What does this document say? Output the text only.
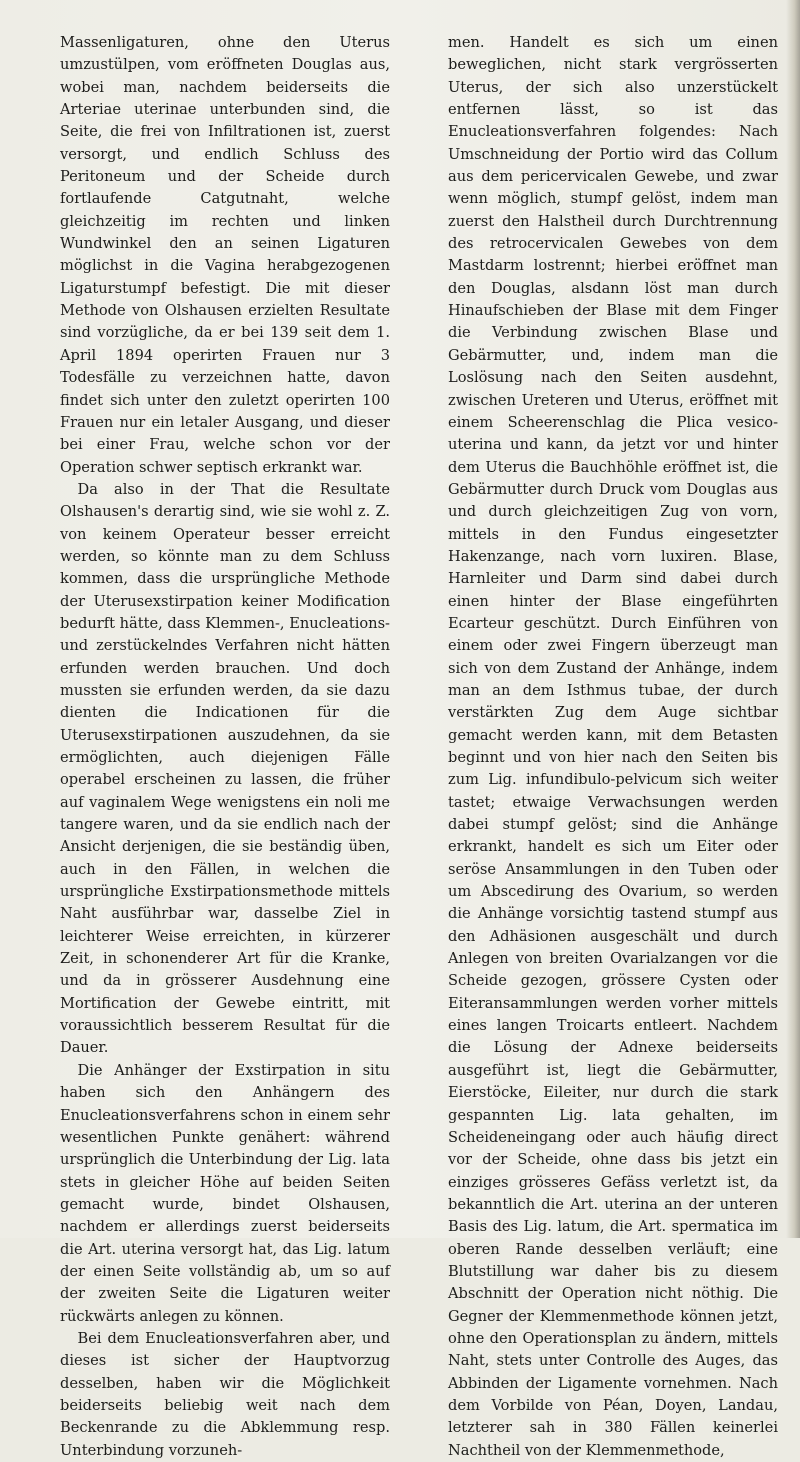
Massenligaturen, ohne den Uterus umzustülpen, vom eröffneten Douglas aus, wobei man, nachdem beiderseits die Arteriae uterinae unterbunden sind, die Seite, die frei von Infiltrationen ist, zuerst versorgt, und endlich Schluss des Peritoneum und der Scheide durch fortlaufende Catgutnaht, welche gleichzeitig im rechten und linken Wundwinkel den an seinen Ligaturen möglichst in die Vagina herabgezogenen Ligaturstumpf befestigt. Die mit dieser Methode von Olshausen erzielten Resultate sind vorzügliche, da er bei 139 seit dem 1. April 1894 operirten Frauen nur 3 Todesfälle zu verzeichnen hatte, davon findet sich unter den zuletzt operirten 100 Frauen nur ein letaler Ausgang, und dieser bei einer Frau, welche schon vor der Operation schwer septisch erkrankt war.

Da also in der That die Resultate Olshausen's derartig sind, wie sie wohl z. Z. von keinem Operateur besser erreicht werden, so könnte man zu dem Schluss kommen, dass die ursprüngliche Methode der Uterusexstirpation keiner Modification bedurft hätte, dass Klemmen-, Enucleations- und zerstückelndes Verfahren nicht hätten erfunden werden brauchen. Und doch mussten sie erfunden werden, da sie dazu dienten die Indicationen für die Uterusexstirpationen auszudehnen, da sie ermöglichten, auch diejenigen Fälle operabel erscheinen zu lassen, die früher auf vaginalem Wege wenigstens ein noli me tangere waren, und da sie endlich nach der Ansicht derjenigen, die sie beständig üben, auch in den Fällen, in welchen die ursprüngliche Exstirpationsmethode mittels Naht ausführbar war, dasselbe Ziel in leichterer Weise erreichten, in kürzerer Zeit, in schonenderer Art für die Kranke, und da in grösserer Ausdehnung eine Mortification der Gewebe eintritt, mit voraussichtlich besserem Resultat für die Dauer.

Die Anhänger der Exstirpation in situ haben sich den Anhängern des Enucleationsverfahrens schon in einem sehr wesentlichen Punkte genähert: während ursprünglich die Unterbindung der Lig. lata stets in gleicher Höhe auf beiden Seiten gemacht wurde, bindet Olshausen, nachdem er allerdings zuerst beiderseits die Art. uterina versorgt hat, das Lig. latum der einen Seite vollständig ab, um so auf der zweiten Seite die Ligaturen weiter rückwärts anlegen zu können.

Bei dem Enucleationsverfahren aber, und dieses ist sicher der Hauptvorzug desselben, haben wir die Möglichkeit beiderseits beliebig weit nach dem Beckenrande zu die Abklemmung resp. Unterbindung vorzuneh-

men. Handelt es sich um einen beweglichen, nicht stark vergrösserten Uterus, der sich also unzerstückelt entfernen lässt, so ist das Enucleationsverfahren folgendes: Nach Umschneidung der Portio wird das Collum aus dem pericervicalen Gewebe, und zwar wenn möglich, stumpf gelöst, indem man zuerst den Halstheil durch Durchtrennung des retrocervicalen Gewebes von dem Mastdarm lostrennt; hierbei eröffnet man den Douglas, alsdann löst man durch Hinaufschieben der Blase mit dem Finger die Verbindung zwischen Blase und Gebärmutter, und, indem man die Loslösung nach den Seiten ausdehnt, zwischen Ureteren und Uterus, eröffnet mit einem Scheerenschlag die Plica vesico-uterina und kann, da jetzt vor und hinter dem Uterus die Bauchhöhle eröffnet ist, die Gebärmutter durch Druck vom Douglas aus und durch gleichzeitigen Zug von vorn, mittels in den Fundus eingesetzter Hakenzange, nach vorn luxiren. Blase, Harnleiter und Darm sind dabei durch einen hinter der Blase eingeführten Ecarteur geschützt. Durch Einführen von einem oder zwei Fingern überzeugt man sich von dem Zustand der Anhänge, indem man an dem Isthmus tubae, der durch verstärkten Zug dem Auge sichtbar gemacht werden kann, mit dem Betasten beginnt und von hier nach den Seiten bis zum Lig. infundibulo-pelvicum sich weiter tastet; etwaige Verwachsungen werden dabei stumpf gelöst; sind die Anhänge erkrankt, handelt es sich um Eiter oder seröse Ansammlungen in den Tuben oder um Abscedirung des Ovarium, so werden die Anhänge vorsichtig tastend stumpf aus den Adhäsionen ausgeschält und durch Anlegen von breiten Ovarialzangen vor die Scheide gezogen, grössere Cysten oder Eiteransammlungen werden vorher mittels eines langen Troicarts entleert. Nachdem die Lösung der Adnexe beiderseits ausgeführt ist, liegt die Gebärmutter, Eierstöcke, Eileiter, nur durch die stark gespannten Lig. lata gehalten, im Scheideneingang oder auch häufig direct vor der Scheide, ohne dass bis jetzt ein einziges grösseres Gefäss verletzt ist, da bekanntlich die Art. uterina an der unteren Basis des Lig. latum, die Art. spermatica im oberen Rande desselben verläuft; eine Blutstillung war daher bis zu diesem Abschnitt der Operation nicht nöthig. Die Gegner der Klemmenmethode können jetzt, ohne den Operationsplan zu ändern, mittels Naht, stets unter Controlle des Auges, das Abbinden der Ligamente vornehmen. Nach dem Vorbilde von Péan, Doyen, Landau, letzterer sah in 380 Fällen keinerlei Nachtheil von der Klemmenmethode,
